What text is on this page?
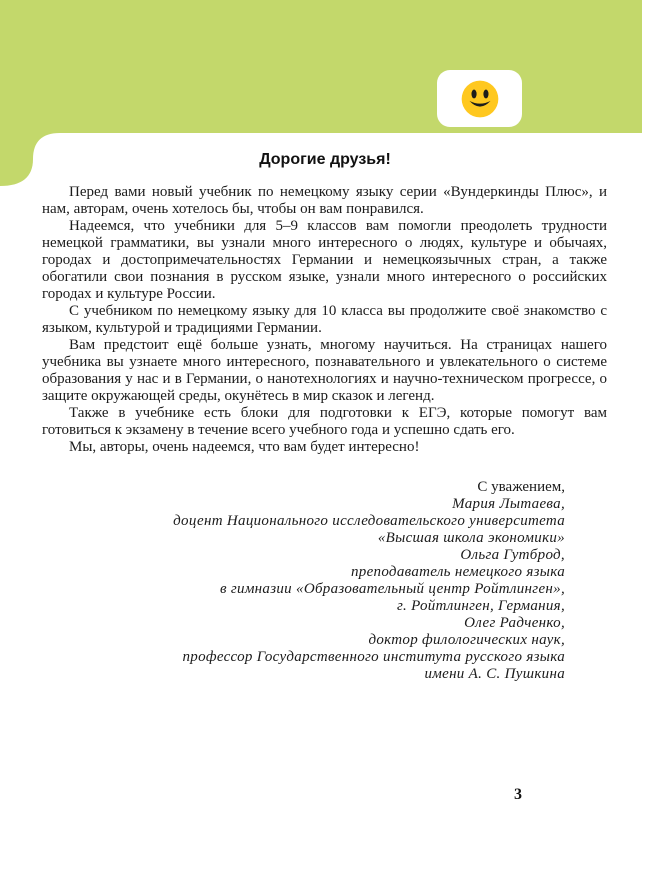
Дорогие друзья!

Перед вами новый учебник по немецкому языку серии «Вундеркинды Плюс», и нам, авторам, очень хотелось бы, чтобы он вам понравился.

Надеемся, что учебники для 5–9 классов вам помогли преодолеть трудности немецкой грамматики, вы узнали много интересного о людях, культуре и обычаях, городах и достопримечательностях Германии и немецкоязычных стран, а также обогатили свои познания в русском языке, узнали много интересного о российских городах и культуре России.

С учебником по немецкому языку для 10 класса вы продолжите своё знакомство с языком, культурой и традициями Германии.

Вам предстоит ещё больше узнать, многому научиться. На страницах нашего учебника вы узнаете много интересного, познавательного и увлекательного о системе образования у нас и в Германии, о нанотехнологиях и научно-техническом прогрессе, о защите окружающей среды, окунётесь в мир сказок и легенд.

Также в учебнике есть блоки для подготовки к ЕГЭ, которые помогут вам готовиться к экзамену в течение всего учебного года и успешно сдать его.

Мы, авторы, очень надеемся, что вам будет интересно!

С уважением,

Мария Лытаева,

доцент Национального исследовательского университета

«Высшая школа экономики»

Ольга Гутброд,

преподаватель немецкого языка

в гимназии «Образовательный центр Ройтлинген»,

г. Ройтлинген, Германия,

Олег Радченко,

доктор филологических наук,

профессор Государственного института русского языка

имени А. С. Пушкина

3
